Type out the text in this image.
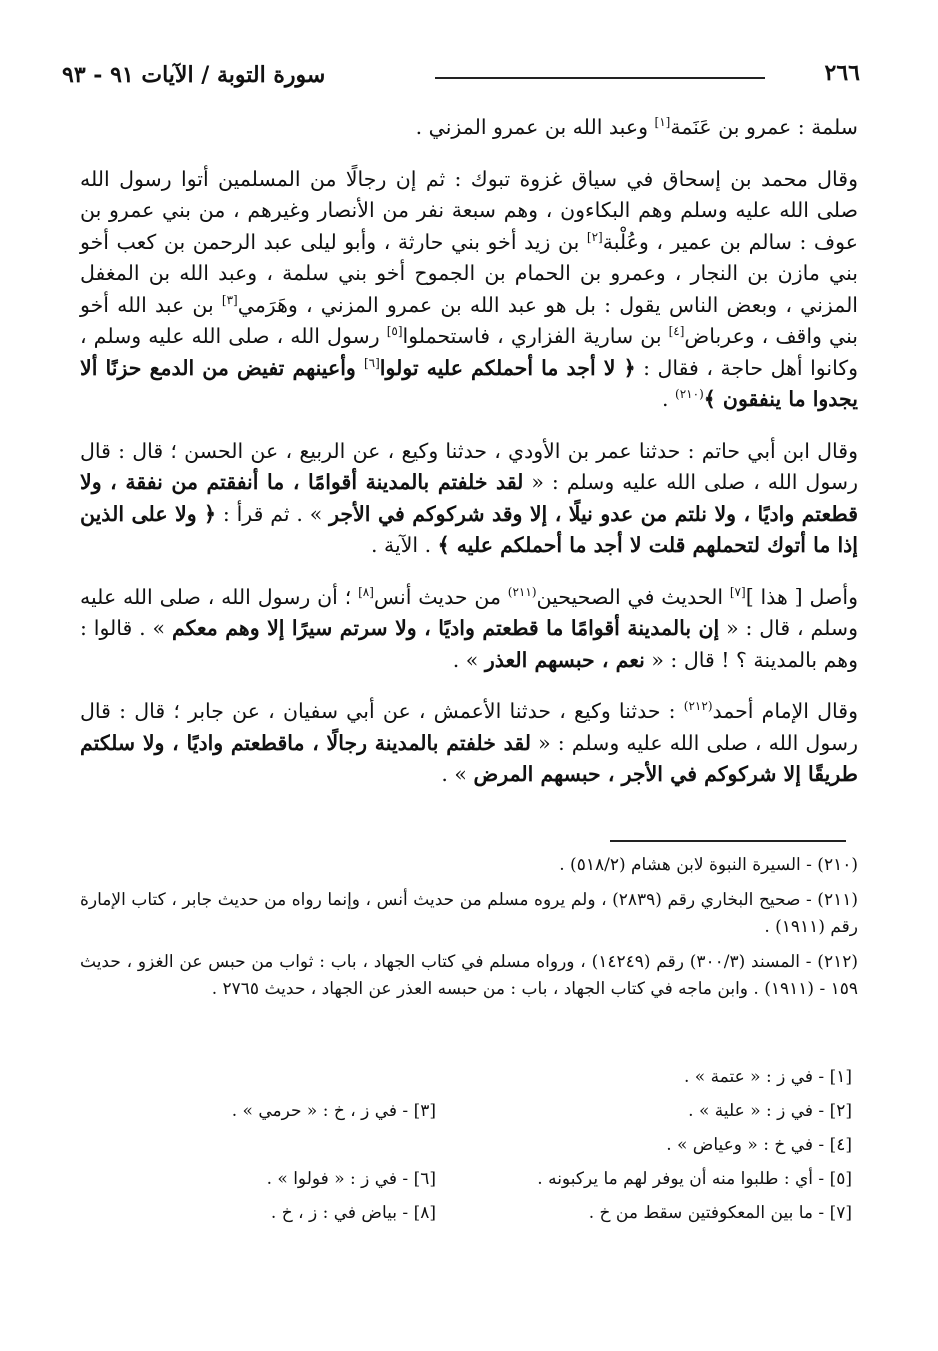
٢٦٦
سورة التوبة / الآيات ٩١ - ٩٣

سلمة : عمرو بن عَنَمة[١] وعبد الله بن عمرو المزني .

وقال محمد بن إسحاق في سياق غزوة تبوك : ثم إن رجالًا من المسلمين أتوا رسول الله صلى الله عليه وسلم وهم البكاءون ، وهم سبعة نفر من الأنصار وغيرهم ، من بني عمرو بن عوف : سالم بن عمير ، وعُلْبة[٢] بن زيد أخو بني حارثة ، وأبو ليلى عبد الرحمن بن كعب أخو بني مازن بن النجار ، وعمرو بن الحمام بن الجموح أخو بني سلمة ، وعبد الله بن المغفل المزني ، وبعض الناس يقول : بل هو عبد الله بن عمرو المزني ، وهَرَمي[٣] بن عبد الله أخو بني واقف ، وعرباض[٤] بن سارية الفزاري ، فاستحملوا[٥] رسول الله ، صلى الله عليه وسلم ، وكانوا أهل حاجة ، فقال : ﴿ لا أجد ما أحملكم عليه تولوا[٦] وأعينهم تفيض من الدمع حزنًا ألا يجدوا ما ينفقون ﴾$^{(٢١٠)}$ .

وقال ابن أبي حاتم : حدثنا عمر بن الأودي ، حدثنا وكيع ، عن الربيع ، عن الحسن ؛ قال : قال رسول الله ، صلى الله عليه وسلم : « لقد خلفتم بالمدينة أقوامًا ، ما أنفقتم من نفقة ، ولا قطعتم واديًا ، ولا نلتم من عدو نيلًا ، إلا وقد شركوكم في الأجر » . ثم قرأ : ﴿ ولا على الذين إذا ما أتوك لتحملهم قلت لا أجد ما أحملكم عليه ﴾ . الآية .

وأصل [ هذا ][٧] الحديث في الصحيحين$^{(٢١١)}$ من حديث أنس[٨] ؛ أن رسول الله ، صلى الله عليه وسلم ، قال : « إن بالمدينة أقوامًا ما قطعتم واديًا ، ولا سرتم سيرًا إلا وهم معكم » . قالوا : وهم بالمدينة ؟ ! قال : « نعم ، حبسهم العذر » .

وقال الإمام أحمد$^{(٢١٢)}$ : حدثنا وكيع ، حدثنا الأعمش ، عن أبي سفيان ، عن جابر ؛ قال : قال رسول الله ، صلى الله عليه وسلم : « لقد خلفتم بالمدينة رجالًا ، ماقطعتم واديًا ، ولا سلكتم طريقًا إلا شركوكم في الأجر ، حبسهم المرض » .

(٢١٠) - السيرة النبوة لابن هشام (٥١٨/٢) .

(٢١١) - صحيح البخاري رقم (٢٨٣٩) ، ولم يروه مسلم من حديث أنس ، وإنما رواه من حديث جابر ، كتاب الإمارة رقم (١٩١١) .

(٢١٢) - المسند (٣٠٠/٣) رقم (١٤٢٤٩) ، ورواه مسلم في كتاب الجهاد ، باب : ثواب من حبس عن الغزو ، حديث ١٥٩ - (١٩١١) . وابن ماجه في كتاب الجهاد ، باب : من حبسه العذر عن الجهاد ، حديث ٢٧٦٥ .

[١] - في ز : « عتمة » .
[٢] - في ز : « علية » .
[٣] - في ز ، خ : « حرمي » .
[٤] - في خ : « وعياض » .
[٥] - أي : طلبوا منه أن يوفر لهم ما يركبونه .
[٦] - في ز : « فولوا » .
[٧] - ما بين المعكوفتين سقط من خ .
[٨] - بياض في : ز ، خ .
